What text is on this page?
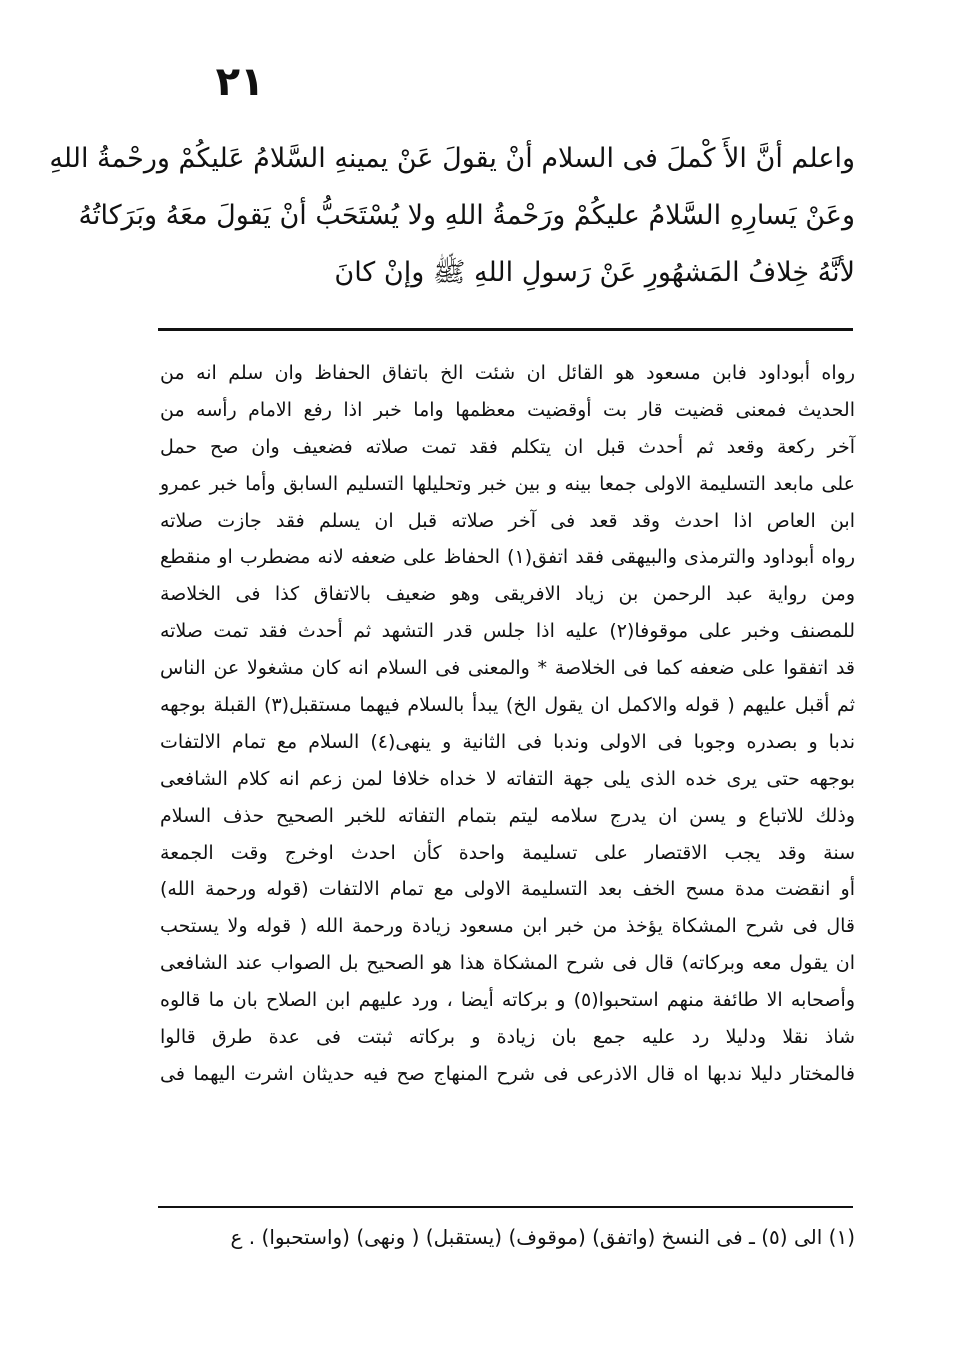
٢١
واعلم أنَّ الأَ كْملَ فى السلام أنْ يقولَ عَنْ يمينهِ السَّلامُ عَليكُمْ ورحْمةُ اللهِ
وعَنْ يَسارِهِ السَّلامُ عليكُمْ ورَحْمةُ اللهِ ولا يُسْتَحَبُّ أنْ يَقولَ معَهُ وبَرَكاتُهُ
لأنَّهُ خِلافُ المَشهُورِ عَنْ رَسولِ اللهِ ﷺ وإنْ كانَ
رواه أبوداود فابن مسعود هو القائل ان شئت الخ باتفاق الحفاظ وان سلم انه من
الحديث فمعنى قضيت قار بت أوقضيت معظمها واما خبر اذا رفع الامام رأسه من
آخر ركعة وقعد ثم أحدث قبل ان يتكلم فقد تمت صلاته فضعيف وان صح حمل
على مابعد التسليمة الاولى جمعا بينه و بين خبر وتحليلها التسليم السابق وأما خبر عمرو
ابن العاص اذا احدث وقد قعد فى آخر صلاته قبل ان يسلم فقد جازت صلاته
رواه أبوداود والترمذى والبيهقى فقد اتفق(١) الحفاظ على ضعفه لانه مضطرب او منقطع
ومن رواية عبد الرحمن بن زياد الافريقى وهو ضعيف بالاتفاق كذا فى الخلاصة
للمصنف وخبر على موقوفا(٢) عليه اذا جلس قدر التشهد ثم أحدث فقد تمت صلاته
قد اتفقوا على ضعفه كما فى الخلاصة * والمعنى فى السلام انه كان مشغولا عن الناس
ثم أقبل عليهم ( قوله والاكمل ان يقول الخ) يبدأ بالسلام فيهما مستقبل(٣) القبلة بوجهه
ندبا و بصدره وجوبا فى الاولى وندبا فى الثانية و ينهى(٤) السلام مع تمام الالتفات
بوجهه حتى يرى خده الذى يلى جهة التفاته لا خداه خلافا لمن زعم انه كلام الشافعى
وذلك للاتباع و يسن ان يدرج سلامه ليتم بتمام التفاته للخبر الصحيح حذف السلام
سنة وقد يجب الاقتصار على تسليمة واحدة كأن احدث اوخرج وقت الجمعة
أو انقضت مدة مسح الخف بعد التسليمة الاولى مع تمام الالتفات (قوله ورحمة الله)
قال فى شرح المشكاة يؤخذ من خبر ابن مسعود زيادة ورحمة الله ( قوله ولا يستحب
ان يقول معه وبركاته) قال فى شرح المشكاة هذا هو الصحيح بل الصواب عند الشافعى
وأصحابه الا طائفة منهم استحبوا(٥) و بركاته أيضا ، ورد عليهم ابن الصلاح بان ما قالوه
شاذ نقلا ودليلا رد عليه جمع بان زيادة و بركاته ثبتت فى عدة طرق قالوا
فالمختار دليلا ندبها اه قال الاذرعى فى شرح المنهاج صح فيه حديثان اشرت اليهما فى
(١) الى (٥) ـ فى النسخ (واتفق) (موقوف) (يستقبل) ( ونهى) (واستحبوا) . ع
